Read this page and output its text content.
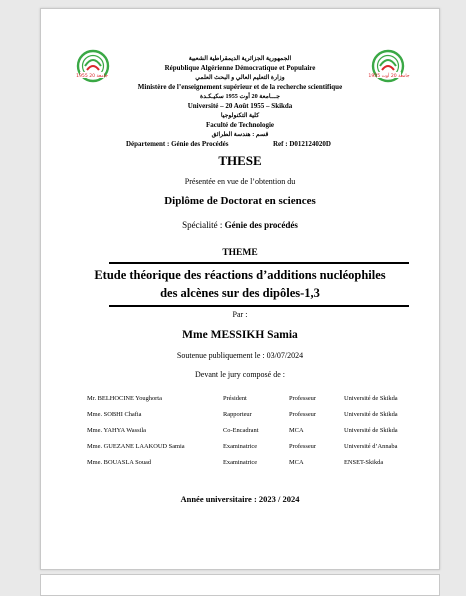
1955 20 جامعة	جامعة 20 أوت 1955
الجمهورية الجزائرية الديمقراطية الشعبية
République Algérienne Démocratique et Populaire
وزارة التعليم العالي و البحث العلمي
Ministère de l’enseignement supérieur et de la recherche scientifique
جـــامعة 20 أوت 1955 سكيـكـدة
Université – 20 Août 1955 – Skikda
كلية التكنولوجيا
Faculté de Technologie
قسم : هندسة الطرائق
Département : Génie des Procédés	Ref : D012124020D
THESE
Présentée en vue de l’obtention du
Diplôme de Doctorat en sciences
Spécialité : Génie des procédés
THEME
Etude théorique des réactions d’additions nucléophiles
des alcènes sur des dipôles-1,3
Par :
Mme MESSIKH Samia
Soutenue publiquement le : 03/07/2024
Devant le jury composé de :
Mr. BELHOCINE Youghorta	Président	Professeur	Université de Skikda
Mme. SOBHI Chafia	Rapporteur	Professeur	Université de Skikda
Mme. YAHYA Wassila	Co-Encadrant	MCA	Université de Skikda
Mme. GUEZANE LAAKOUD Samia	Examinatrice	Professeur	Université d’Annaba
Mme. BOUASLA Souad	Examinatrice	MCA	ENSET-Skikda
Année universitaire : 2023 / 2024
